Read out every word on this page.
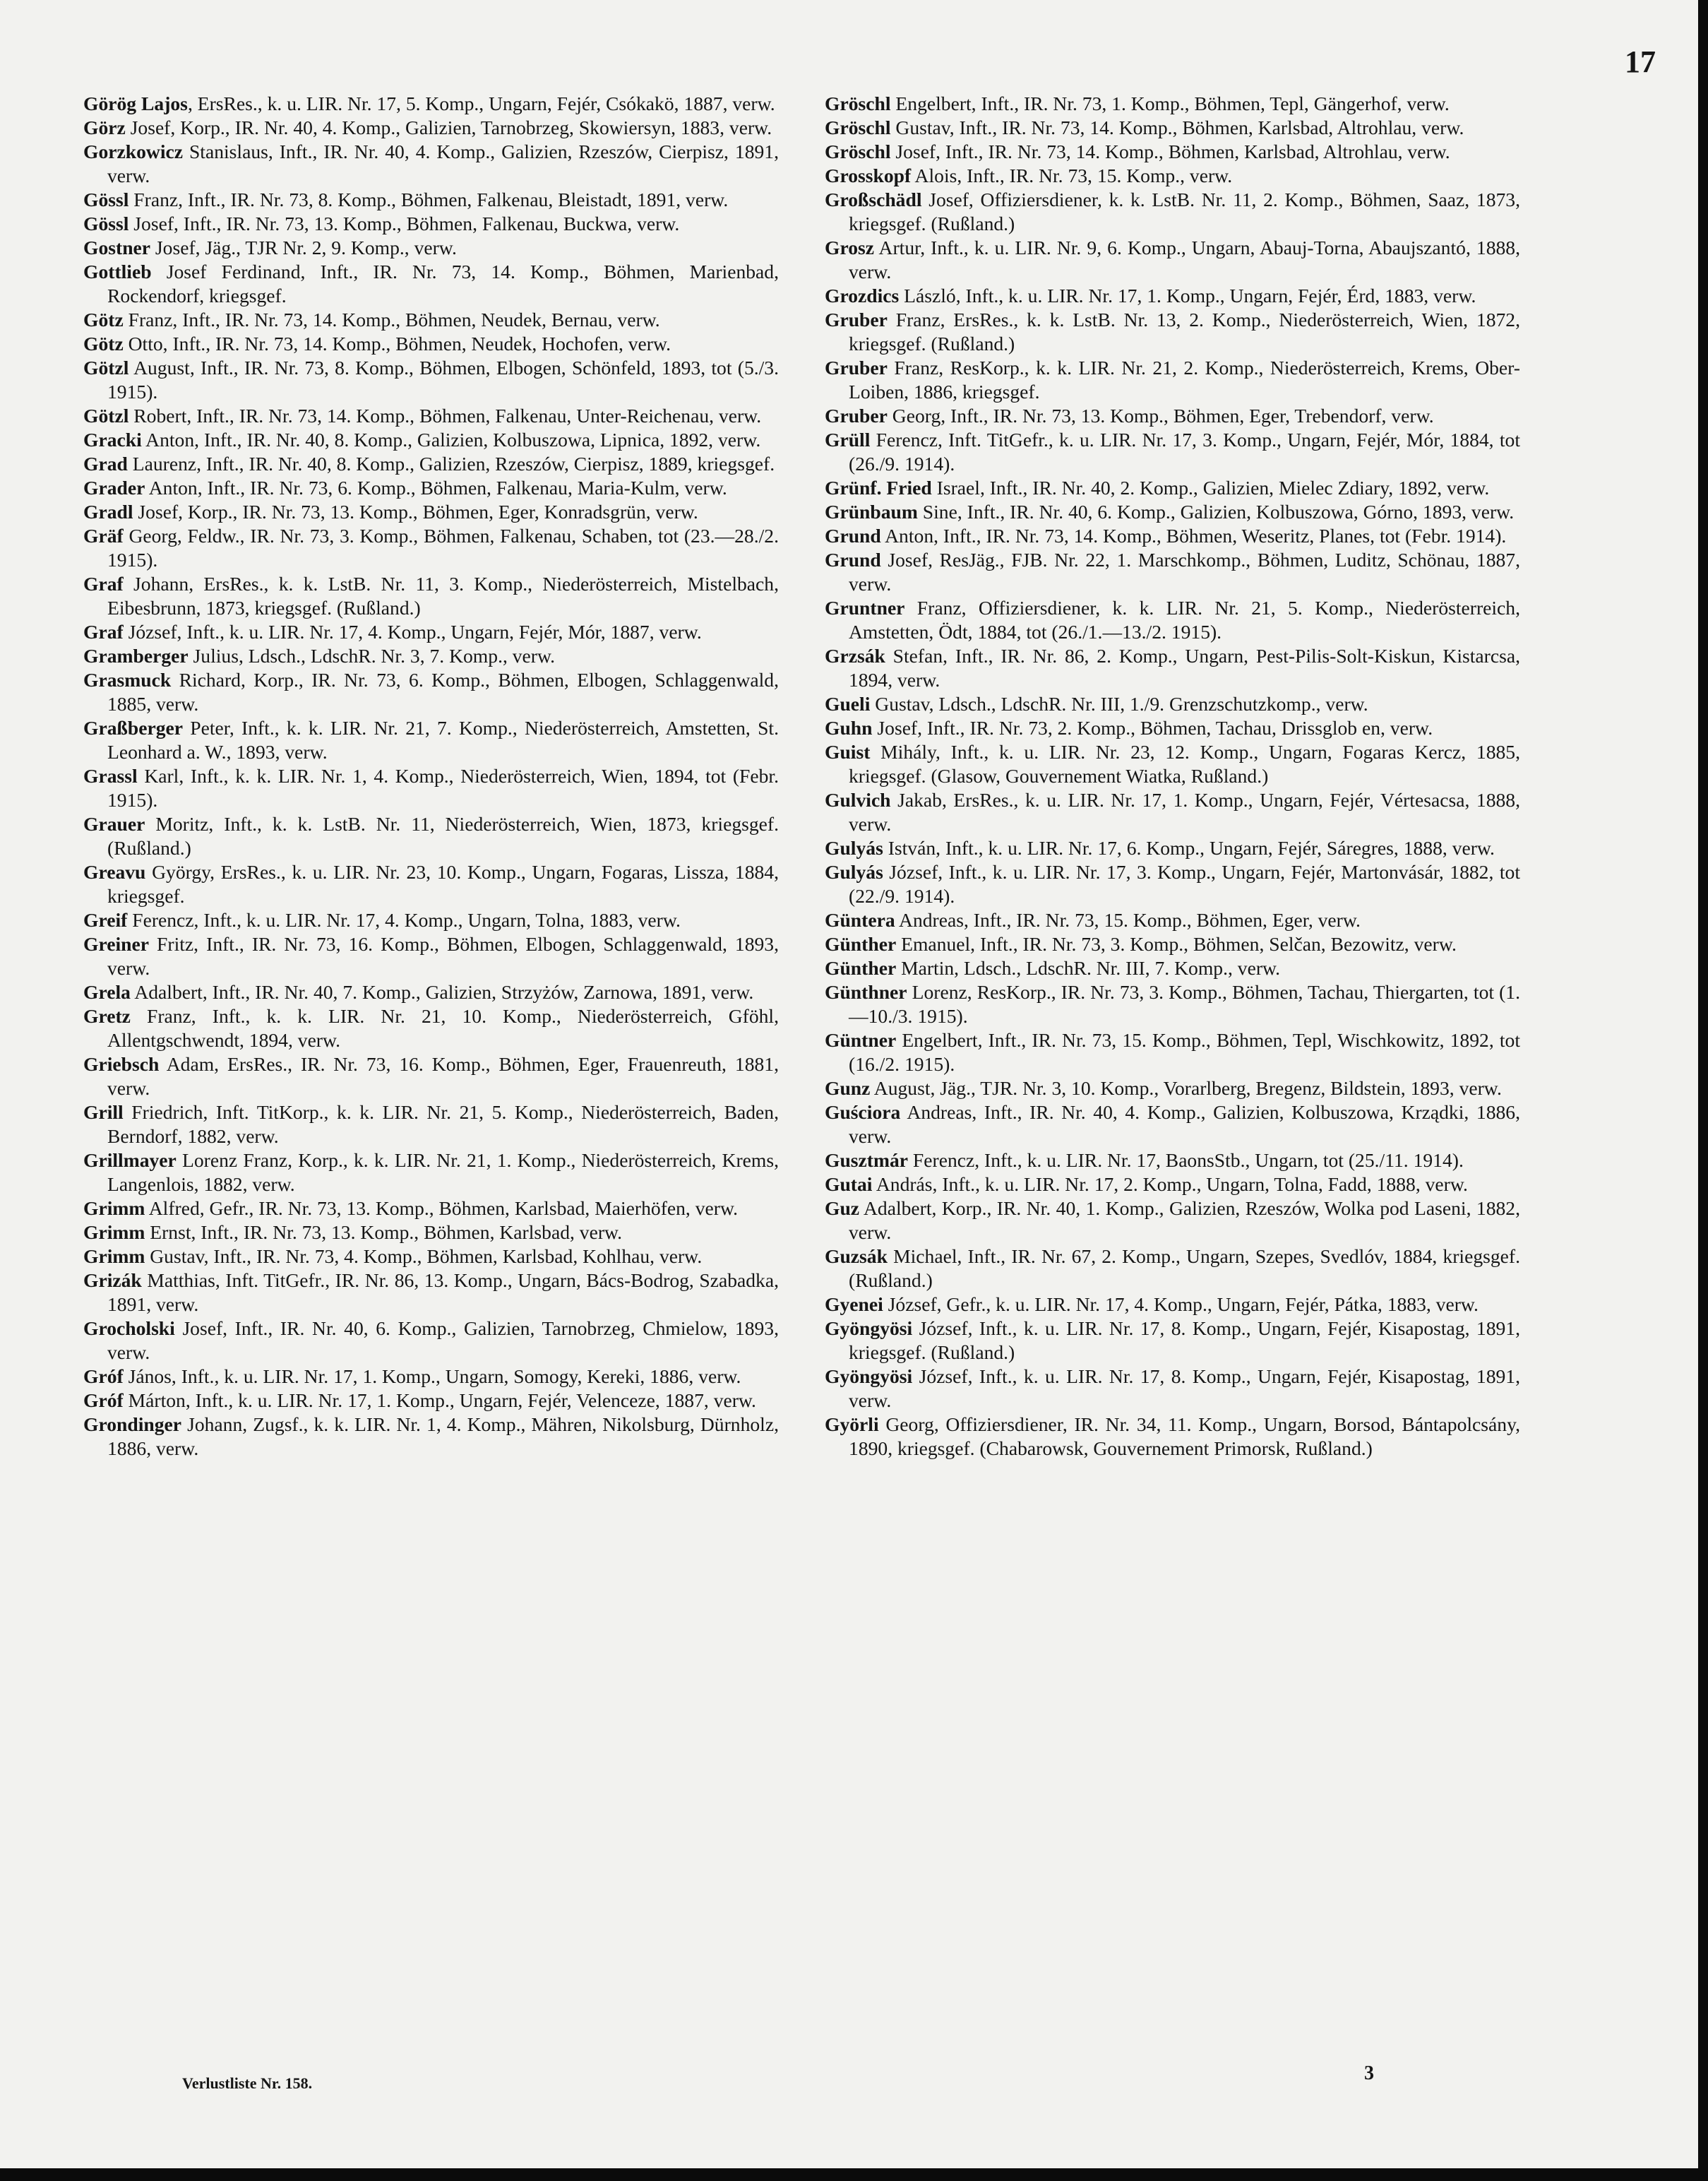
17

Görög Lajos, ErsRes., k. u. LIR. Nr. 17, 5. Komp., Ungarn, Fejér, Csókakö, 1887, verw.

Görz Josef, Korp., IR. Nr. 40, 4. Komp., Galizien, Tarnobrzeg, Skowiersyn, 1883, verw.

Gorzkowicz Stanislaus, Inft., IR. Nr. 40, 4. Komp., Galizien, Rzeszów, Cierpisz, 1891, verw.

Gössl Franz, Inft., IR. Nr. 73, 8. Komp., Böhmen, Falkenau, Bleistadt, 1891, verw.

Gössl Josef, Inft., IR. Nr. 73, 13. Komp., Böhmen, Falkenau, Buckwa, verw.

Gostner Josef, Jäg., TJR Nr. 2, 9. Komp., verw.

Gottlieb Josef Ferdinand, Inft., IR. Nr. 73, 14. Komp., Böhmen, Marienbad, Rockendorf, kriegsgef.

Götz Franz, Inft., IR. Nr. 73, 14. Komp., Böhmen, Neudek, Bernau, verw.

Götz Otto, Inft., IR. Nr. 73, 14. Komp., Böhmen, Neudek, Hochofen, verw.

Götzl August, Inft., IR. Nr. 73, 8. Komp., Böhmen, Elbogen, Schönfeld, 1893, tot (5./3. 1915).

Götzl Robert, Inft., IR. Nr. 73, 14. Komp., Böhmen, Falkenau, Unter-Reichenau, verw.

Gracki Anton, Inft., IR. Nr. 40, 8. Komp., Galizien, Kolbuszowa, Lipnica, 1892, verw.

Grad Laurenz, Inft., IR. Nr. 40, 8. Komp., Galizien, Rzeszów, Cierpisz, 1889, kriegsgef.

Grader Anton, Inft., IR. Nr. 73, 6. Komp., Böhmen, Falkenau, Maria-Kulm, verw.

Gradl Josef, Korp., IR. Nr. 73, 13. Komp., Böhmen, Eger, Konradsgrün, verw.

Gräf Georg, Feldw., IR. Nr. 73, 3. Komp., Böhmen, Falkenau, Schaben, tot (23.—28./2. 1915).

Graf Johann, ErsRes., k. k. LstB. Nr. 11, 3. Komp., Niederösterreich, Mistelbach, Eibesbrunn, 1873, kriegsgef. (Rußland.)

Graf József, Inft., k. u. LIR. Nr. 17, 4. Komp., Ungarn, Fejér, Mór, 1887, verw.

Gramberger Julius, Ldsch., LdschR. Nr. 3, 7. Komp., verw.

Grasmuck Richard, Korp., IR. Nr. 73, 6. Komp., Böhmen, Elbogen, Schlaggenwald, 1885, verw.

Graßberger Peter, Inft., k. k. LIR. Nr. 21, 7. Komp., Niederösterreich, Amstetten, St. Leonhard a. W., 1893, verw.

Grassl Karl, Inft., k. k. LIR. Nr. 1, 4. Komp., Niederösterreich, Wien, 1894, tot (Febr. 1915).

Grauer Moritz, Inft., k. k. LstB. Nr. 11, Niederösterreich, Wien, 1873, kriegsgef. (Rußland.)

Greavu György, ErsRes., k. u. LIR. Nr. 23, 10. Komp., Ungarn, Fogaras, Lissza, 1884, kriegsgef.

Greif Ferencz, Inft., k. u. LIR. Nr. 17, 4. Komp., Ungarn, Tolna, 1883, verw.

Greiner Fritz, Inft., IR. Nr. 73, 16. Komp., Böhmen, Elbogen, Schlaggenwald, 1893, verw.

Grela Adalbert, Inft., IR. Nr. 40, 7. Komp., Galizien, Strzyżów, Zarnowa, 1891, verw.

Gretz Franz, Inft., k. k. LIR. Nr. 21, 10. Komp., Niederösterreich, Gföhl, Allentgschwendt, 1894, verw.

Griebsch Adam, ErsRes., IR. Nr. 73, 16. Komp., Böhmen, Eger, Frauenreuth, 1881, verw.

Grill Friedrich, Inft. TitKorp., k. k. LIR. Nr. 21, 5. Komp., Niederösterreich, Baden, Berndorf, 1882, verw.

Grillmayer Lorenz Franz, Korp., k. k. LIR. Nr. 21, 1. Komp., Niederösterreich, Krems, Langenlois, 1882, verw.

Grimm Alfred, Gefr., IR. Nr. 73, 13. Komp., Böhmen, Karlsbad, Maierhöfen, verw.

Grimm Ernst, Inft., IR. Nr. 73, 13. Komp., Böhmen, Karlsbad, verw.

Grimm Gustav, Inft., IR. Nr. 73, 4. Komp., Böhmen, Karlsbad, Kohlhau, verw.

Grizák Matthias, Inft. TitGefr., IR. Nr. 86, 13. Komp., Ungarn, Bács-Bodrog, Szabadka, 1891, verw.

Grocholski Josef, Inft., IR. Nr. 40, 6. Komp., Galizien, Tarnobrzeg, Chmielow, 1893, verw.

Gróf János, Inft., k. u. LIR. Nr. 17, 1. Komp., Ungarn, Somogy, Kereki, 1886, verw.

Gróf Márton, Inft., k. u. LIR. Nr. 17, 1. Komp., Ungarn, Fejér, Velenceze, 1887, verw.

Grondinger Johann, Zugsf., k. k. LIR. Nr. 1, 4. Komp., Mähren, Nikolsburg, Dürnholz, 1886, verw.

Gröschl Engelbert, Inft., IR. Nr. 73, 1. Komp., Böhmen, Tepl, Gängerhof, verw.

Gröschl Gustav, Inft., IR. Nr. 73, 14. Komp., Böhmen, Karlsbad, Altrohlau, verw.

Gröschl Josef, Inft., IR. Nr. 73, 14. Komp., Böhmen, Karlsbad, Altrohlau, verw.

Grosskopf Alois, Inft., IR. Nr. 73, 15. Komp., verw.

Großschädl Josef, Offiziersdiener, k. k. LstB. Nr. 11, 2. Komp., Böhmen, Saaz, 1873, kriegsgef. (Rußland.)

Grosz Artur, Inft., k. u. LIR. Nr. 9, 6. Komp., Ungarn, Abauj-Torna, Abaujszantó, 1888, verw.

Grozdics László, Inft., k. u. LIR. Nr. 17, 1. Komp., Ungarn, Fejér, Érd, 1883, verw.

Gruber Franz, ErsRes., k. k. LstB. Nr. 13, 2. Komp., Niederösterreich, Wien, 1872, kriegsgef. (Rußland.)

Gruber Franz, ResKorp., k. k. LIR. Nr. 21, 2. Komp., Niederösterreich, Krems, Ober-Loiben, 1886, kriegsgef.

Gruber Georg, Inft., IR. Nr. 73, 13. Komp., Böhmen, Eger, Trebendorf, verw.

Grüll Ferencz, Inft. TitGefr., k. u. LIR. Nr. 17, 3. Komp., Ungarn, Fejér, Mór, 1884, tot (26./9. 1914).

Grünf. Fried Israel, Inft., IR. Nr. 40, 2. Komp., Galizien, Mielec Zdiary, 1892, verw.

Grünbaum Sine, Inft., IR. Nr. 40, 6. Komp., Galizien, Kolbuszowa, Górno, 1893, verw.

Grund Anton, Inft., IR. Nr. 73, 14. Komp., Böhmen, Weseritz, Planes, tot (Febr. 1914).

Grund Josef, ResJäg., FJB. Nr. 22, 1. Marschkomp., Böhmen, Luditz, Schönau, 1887, verw.

Gruntner Franz, Offiziersdiener, k. k. LIR. Nr. 21, 5. Komp., Niederösterreich, Amstetten, Ödt, 1884, tot (26./1.—13./2. 1915).

Grzsák Stefan, Inft., IR. Nr. 86, 2. Komp., Ungarn, Pest-Pilis-Solt-Kiskun, Kistarcsa, 1894, verw.

Gueli Gustav, Ldsch., LdschR. Nr. III, 1./9. Grenzschutzkomp., verw.

Guhn Josef, Inft., IR. Nr. 73, 2. Komp., Böhmen, Tachau, Drissglob en, verw.

Guist Mihály, Inft., k. u. LIR. Nr. 23, 12. Komp., Ungarn, Fogaras Kercz, 1885, kriegsgef. (Glasow, Gouvernement Wiatka, Rußland.)

Gulvich Jakab, ErsRes., k. u. LIR. Nr. 17, 1. Komp., Ungarn, Fejér, Vértesacsa, 1888, verw.

Gulyás István, Inft., k. u. LIR. Nr. 17, 6. Komp., Ungarn, Fejér, Sáregres, 1888, verw.

Gulyás József, Inft., k. u. LIR. Nr. 17, 3. Komp., Ungarn, Fejér, Martonvásár, 1882, tot (22./9. 1914).

Güntera Andreas, Inft., IR. Nr. 73, 15. Komp., Böhmen, Eger, verw.

Günther Emanuel, Inft., IR. Nr. 73, 3. Komp., Böhmen, Selčan, Bezowitz, verw.

Günther Martin, Ldsch., LdschR. Nr. III, 7. Komp., verw.

Günthner Lorenz, ResKorp., IR. Nr. 73, 3. Komp., Böhmen, Tachau, Thiergarten, tot (1.—10./3. 1915).

Güntner Engelbert, Inft., IR. Nr. 73, 15. Komp., Böhmen, Tepl, Wischkowitz, 1892, tot (16./2. 1915).

Gunz August, Jäg., TJR. Nr. 3, 10. Komp., Vorarlberg, Bregenz, Bildstein, 1893, verw.

Guściora Andreas, Inft., IR. Nr. 40, 4. Komp., Galizien, Kolbuszowa, Krządki, 1886, verw.

Gusztmár Ferencz, Inft., k. u. LIR. Nr. 17, BaonsStb., Ungarn, tot (25./11. 1914).

Gutai András, Inft., k. u. LIR. Nr. 17, 2. Komp., Ungarn, Tolna, Fadd, 1888, verw.

Guz Adalbert, Korp., IR. Nr. 40, 1. Komp., Galizien, Rzeszów, Wolka pod Laseni, 1882, verw.

Guzsák Michael, Inft., IR. Nr. 67, 2. Komp., Ungarn, Szepes, Svedlóv, 1884, kriegsgef. (Rußland.)

Gyenei József, Gefr., k. u. LIR. Nr. 17, 4. Komp., Ungarn, Fejér, Pátka, 1883, verw.

Gyöngyösi József, Inft., k. u. LIR. Nr. 17, 8. Komp., Ungarn, Fejér, Kisapostag, 1891, kriegsgef. (Rußland.)

Gyöngyösi József, Inft., k. u. LIR. Nr. 17, 8. Komp., Ungarn, Fejér, Kisapostag, 1891, verw.

Györli Georg, Offiziersdiener, IR. Nr. 34, 11. Komp., Ungarn, Borsod, Bántapolcsány, 1890, kriegsgef. (Chabarowsk, Gouvernement Primorsk, Rußland.)

Verlustliste Nr. 158.	3
